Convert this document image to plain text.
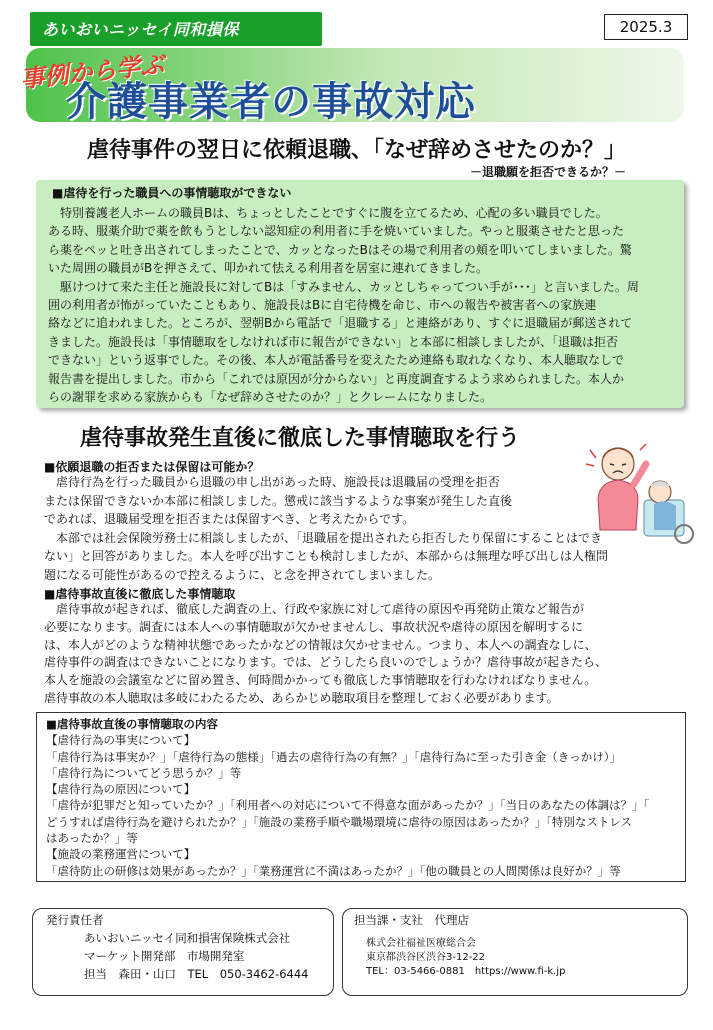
あいおいニッセイ同和損保	2025.3
事例から学ぶ
介護事業者の事故対応
虐待事件の翌日に依頼退職、「なぜ辞めさせたのか？」
－退職願を拒否できるか？－
■虐待を行った職員への事情聴取ができない
　特別養護老人ホームの職員Bは、ちょっとしたことですぐに腹を立てるため、心配の多い職員でした。
ある時、服薬介助で薬を飲もうとしない認知症の利用者に手を焼いていました。やっと服薬させたと思った
ら薬をペッと吐き出されてしまったことで、カッとなったBはその場で利用者の頬を叩いてしまいました。驚
いた周囲の職員がBを押さえて、叩かれて怯える利用者を居室に連れてきました。
　駆けつけて来た主任と施設長に対してBは「すみません、カッとしちゃってつい手が･･･」と言いました。周
囲の利用者が怖がっていたこともあり、施設長はBに自宅待機を命じ、市への報告や被害者への家族連
絡などに追われました。ところが、翌朝Bから電話で「退職する」と連絡があり、すぐに退職届が郵送されて
きました。施設長は「事情聴取をしなければ市に報告ができない」と本部に相談しましたが、「退職は拒否
できない」という返事でした。その後、本人が電話番号を変えたため連絡も取れなくなり、本人聴取なしで
報告書を提出しました。市から「これでは原因が分からない」と再度調査するよう求められました。本人か
らの謝罪を求める家族からも「なぜ辞めさせたのか？」とクレームになりました。
虐待事故発生直後に徹底した事情聴取を行う
■依願退職の拒否または保留は可能か？
　虐待行為を行った職員から退職の申し出があった時、施設長は退職届の受理を拒否
または保留できないか本部に相談しました。懲戒に該当するような事案が発生した直後
であれば、退職届受理を拒否または保留すべき、と考えたからです。
　本部では社会保険労務士に相談しましたが、「退職届を提出されたら拒否したり保留にすることはでき
ない」と回答がありました。本人を呼び出すことも検討しましたが、本部からは無理な呼び出しは人権問
題になる可能性があるので控えるように、と念を押されてしまいました。
■虐待事故直後に徹底した事情聴取
　虐待事故が起きれば、徹底した調査の上、行政や家族に対して虐待の原因や再発防止策など報告が
必要になります。調査には本人への事情聴取が欠かせませんし、事故状況や虐待の原因を解明するに
は、本人がどのような精神状態であったかなどの情報は欠かせません。つまり、本人への調査なしに、
虐待事件の調査はできないことになります。では、どうしたら良いのでしょうか？虐待事故が起きたら、
本人を施設の会議室などに留め置き、何時間かかっても徹底した事情聴取を行わなければなりません。
虐待事故の本人聴取は多岐にわたるため、あらかじめ聴取項目を整理しておく必要があります。
■虐待事故直後の事情聴取の内容
【虐待行為の事実について】
「虐待行為は事実か？」「虐待行為の態様」「過去の虐待行為の有無？」「虐待行為に至った引き金（きっかけ）」
「虐待行為についてどう思うか？」等
【虐待行為の原因について】
「虐待が犯罪だと知っていたか？」「利用者への対応について不得意な面があったか？」「当日のあなたの体調は？」「
どうすれば虐待行為を避けられたか？」「施設の業務手順や職場環境に虐待の原因はあったか？」「特別なストレス
はあったか？」等
【施設の業務運営について】
「虐待防止の研修は効果があったか？」「業務運営に不満はあったか？」「他の職員との人間関係は良好か？」等
発行責任者
あいおいニッセイ同和損害保険株式会社
マーケット開発部　市場開発室
担当　森田・山口　TEL　050-3462-6444
担当課・支社　代理店
株式会社福祉医療総合会
東京都渋谷区渋谷3-12-22
TEL：03-5466-0881　https://www.fi-k.jp
